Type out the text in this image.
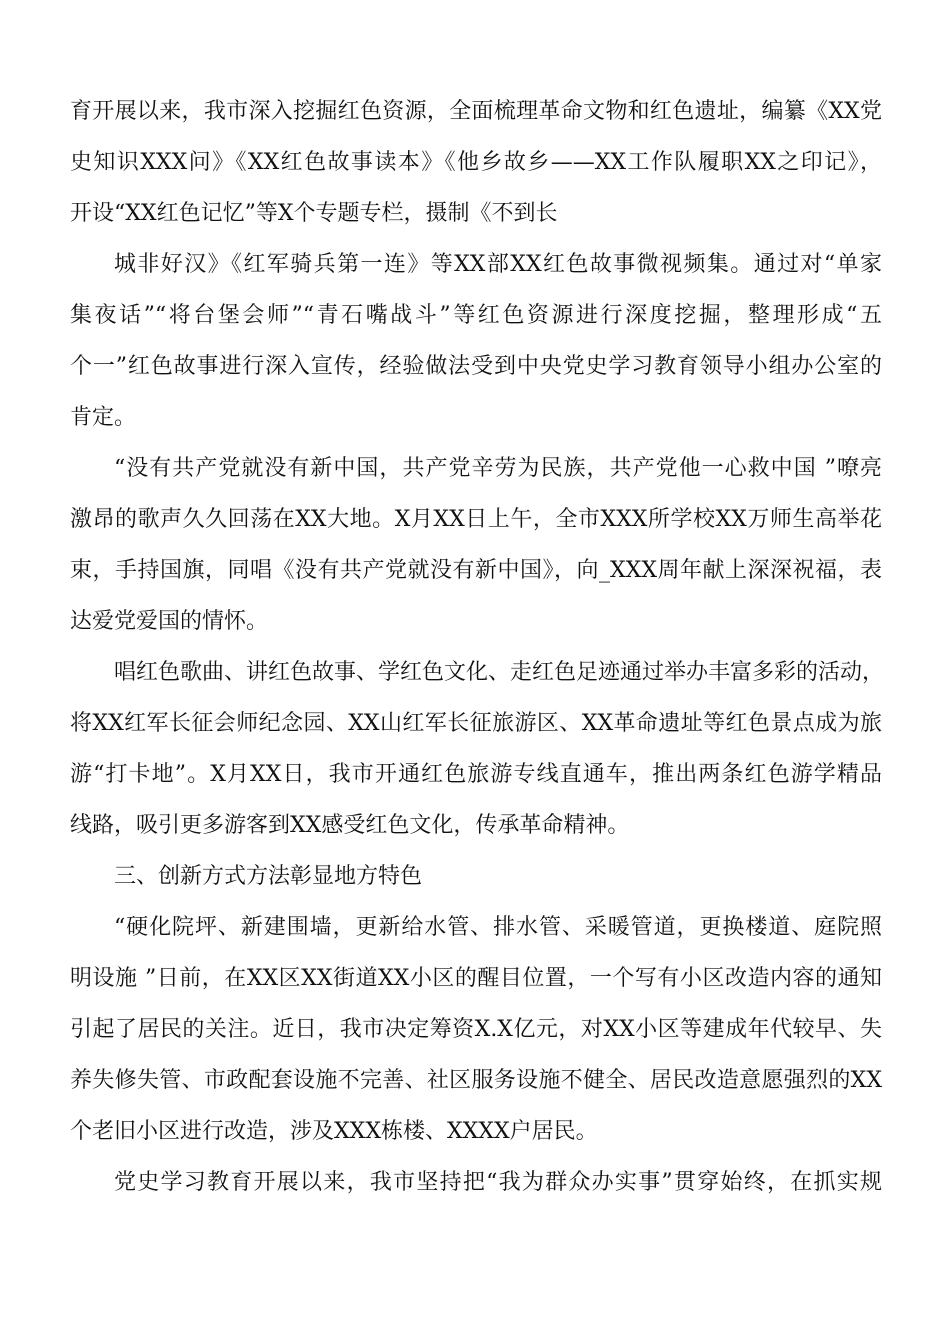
育开展以来，我市深入挖掘红色资源，全面梳理革命文物和红色遗址，编纂《XX党

史知识XXX问》《XX红色故事读本》《他乡故乡——XX工作队履职XX之印记》，

开设“XX红色记忆”等X个专题专栏，摄制《不到长

城非好汉》《红军骑兵第一连》等XX部XX红色故事微视频集。通过对“单家

集夜话”“将台堡会师”“青石嘴战斗”等红色资源进行深度挖掘，整理形成“五

个一”红色故事进行深入宣传，经验做法受到中央党史学习教育领导小组办公室的

肯定。

“没有共产党就没有新中国，共产党辛劳为民族，共产党他一心救中国 ”嘹亮

激昂的歌声久久回荡在XX大地。X月XX日上午，全市XXX所学校XX万师生高举花

束，手持国旗，同唱《没有共产党就没有新中国》，向_XXX周年献上深深祝福，表

达爱党爱国的情怀。

唱红色歌曲、讲红色故事、学红色文化、走红色足迹通过举办丰富多彩的活动，

将XX红军长征会师纪念园、XX山红军长征旅游区、XX革命遗址等红色景点成为旅

游“打卡地”。X月XX日，我市开通红色旅游专线直通车，推出两条红色游学精品

线路，吸引更多游客到XX感受红色文化，传承革命精神。

三、创新方式方法彰显地方特色

“硬化院坪、新建围墙，更新给水管、排水管、采暖管道，更换楼道、庭院照

明设施 ”日前，在XX区XX街道XX小区的醒目位置，一个写有小区改造内容的通知

引起了居民的关注。近日，我市决定筹资X.X亿元，对XX小区等建成年代较早、失

养失修失管、市政配套设施不完善、社区服务设施不健全、居民改造意愿强烈的XX

个老旧小区进行改造，涉及XXX栋楼、XXXX户居民。

党史学习教育开展以来，我市坚持把“我为群众办实事”贯穿始终，在抓实规
